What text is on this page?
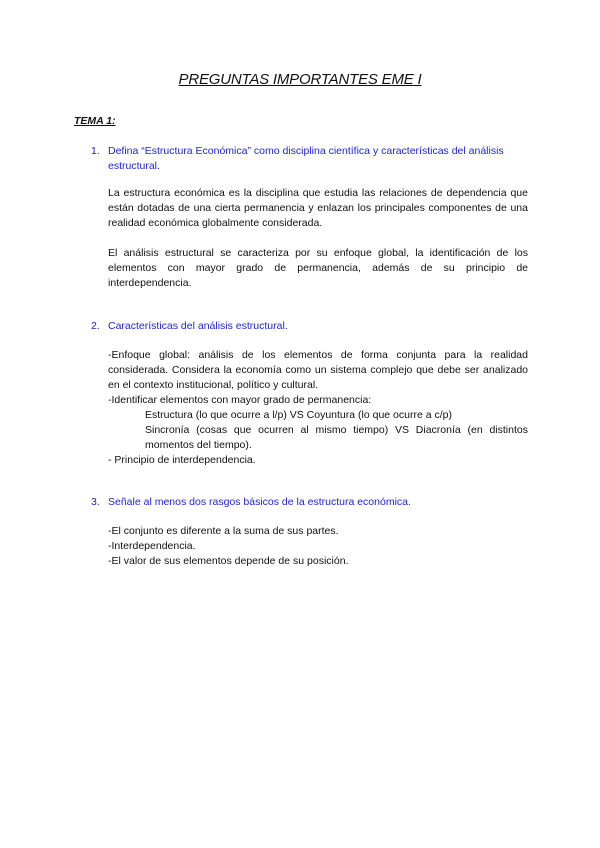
PREGUNTAS IMPORTANTES EME I
TEMA 1:
1. Defina “Estructura Económica” como disciplina científica y características del análisis estructural.
La estructura económica es la disciplina que estudia las relaciones de dependencia que están dotadas de una cierta permanencia y enlazan los principales componentes de una realidad económica globalmente considerada.
El análisis estructural se caracteriza por su enfoque global, la identificación de los elementos con mayor grado de permanencia, además de su principio de interdependencia.
2. Características del análisis estructural.
-Enfoque global: análisis de los elementos de forma conjunta para la realidad considerada. Considera la economía como un sistema complejo que debe ser analizado en el contexto institucional, político y cultural.
-Identificar elementos con mayor grado de permanencia:
Estructura (lo que ocurre a l/p) VS Coyuntura (lo que ocurre a c/p)
Sincronía (cosas que ocurren al mismo tiempo) VS Diacronía (en distintos momentos del tiempo).
- Principio de interdependencia.
3. Señale al menos dos rasgos básicos de la estructura económica.
-El conjunto es diferente a la suma de sus partes.
-Interdependencia.
-El valor de sus elementos depende de su posición.
